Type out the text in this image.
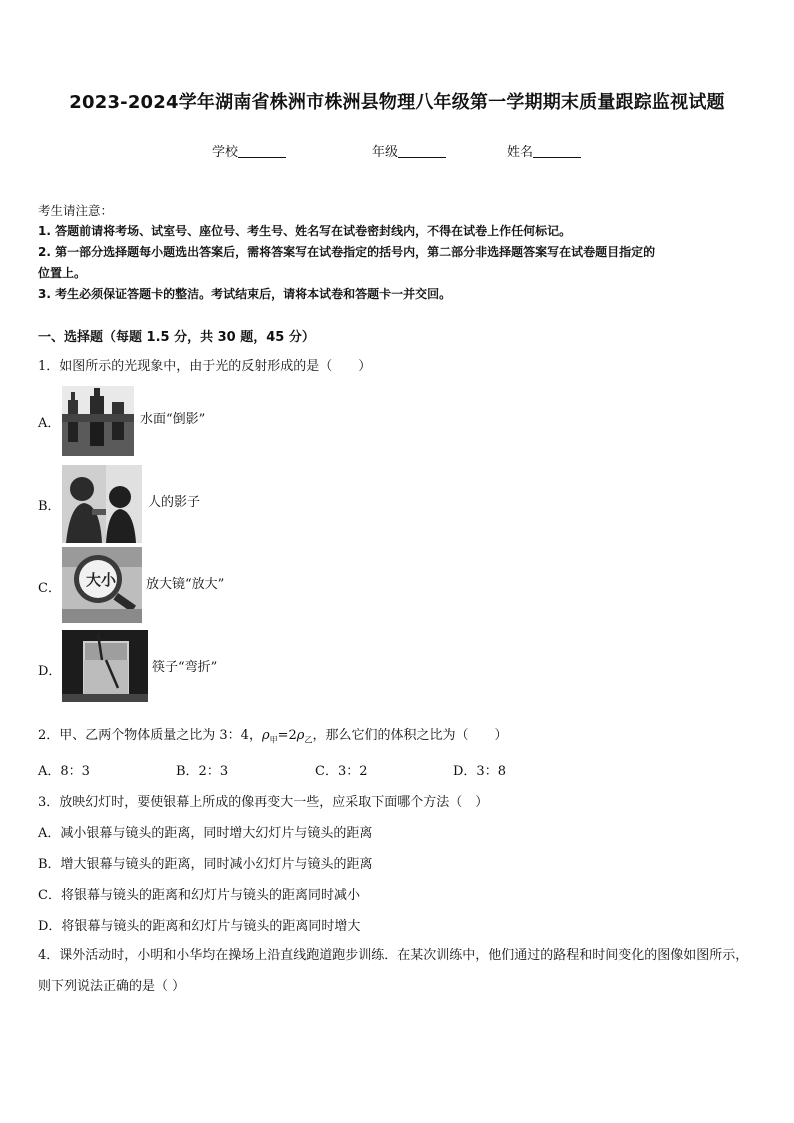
2023-2024学年湖南省株洲市株洲县物理八年级第一学期期末质量跟踪监视试题
学校	年级	姓名
考生请注意：
1. 答题前请将考场、试室号、座位号、考生号、姓名写在试卷密封线内，不得在试卷上作任何标记。
2. 第一部分选择题每小题选出答案后，需将答案写在试卷指定的括号内，第二部分非选择题答案写在试卷题目指定的
位置上。
3. 考生必须保证答题卡的整洁。考试结束后，请将本试卷和答题卡一并交回。
一、选择题（每题 1.5 分，共 30 题，45 分）
1．如图所示的光现象中，由于光的反射形成的是（　　）
A．	水面“倒影”
B．	人的影子
C． 大小 放大镜“放大”
D．	筷子“弯折”
2．甲、乙两个物体质量之比为 3：4，$\rho_甲=2\rho_乙$，那么它们的体积之比为（　　）
A．8：3	B．2：3	C．3：2	D．3：8
3．放映幻灯时，要使银幕上所成的像再变大一些，应采取下面哪个方法（　）
A．减小银幕与镜头的距离，同时增大幻灯片与镜头的距离
B．增大银幕与镜头的距离，同时减小幻灯片与镜头的距离
C．将银幕与镜头的距离和幻灯片与镜头的距离同时减小
D．将银幕与镜头的距离和幻灯片与镜头的距离同时增大
4．课外活动时，小明和小华均在操场上沿直线跑道跑步训练．在某次训练中，他们通过的路程和时间变化的图像如图所示，则下列说法正确的是（ ）
